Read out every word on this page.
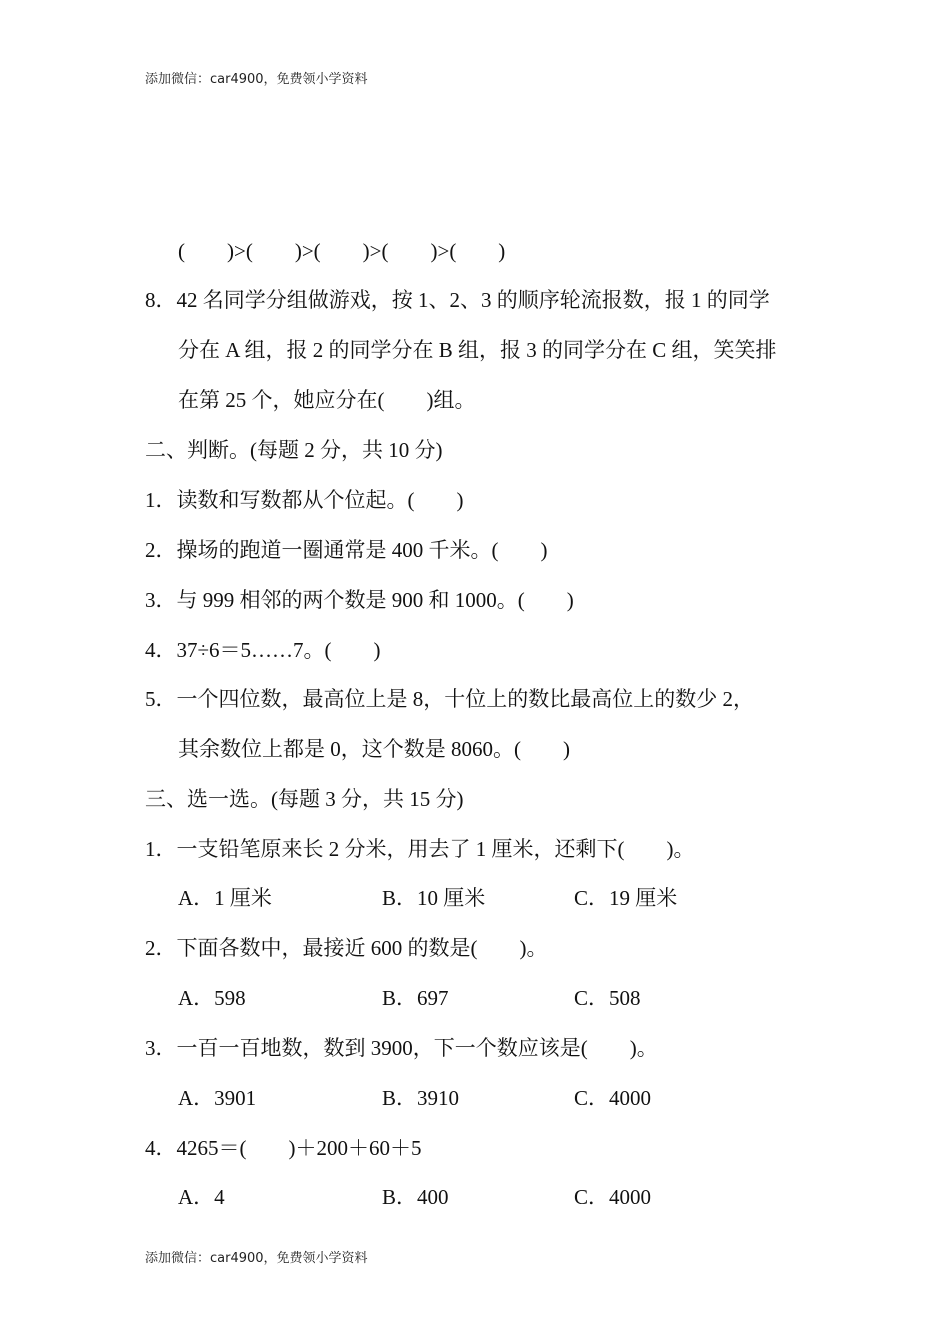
添加微信：car4900，免费领小学资料
(        )>(        )>(        )>(        )>(        )
8．42 名同学分组做游戏，按 1、2、3 的顺序轮流报数，报 1 的同学
分在 A 组，报 2 的同学分在 B 组，报 3 的同学分在 C 组，笑笑排
在第 25 个，她应分在(        )组。
二、判断。(每题 2 分，共 10 分)
1．读数和写数都从个位起。(        )
2．操场的跑道一圈通常是 400 千米。(        )
3．与 999 相邻的两个数是 900 和 1000。(        )
4．37÷6＝5……7。(        )
5．一个四位数，最高位上是 8，十位上的数比最高位上的数少 2，
其余数位上都是 0，这个数是 8060。(        )
三、选一选。(每题 3 分，共 15 分)
1．一支铅笔原来长 2 分米，用去了 1 厘米，还剩下(        )。
A．1 厘米	B．10 厘米	C．19 厘米
2．下面各数中，最接近 600 的数是(        )。
A．598	B．697	C．508
3．一百一百地数，数到 3900，下一个数应该是(        )。
A．3901	B．3910	C．4000
4．4265＝(        )＋200＋60＋5
A．4	B．400	C．4000
添加微信：car4900，免费领小学资料
